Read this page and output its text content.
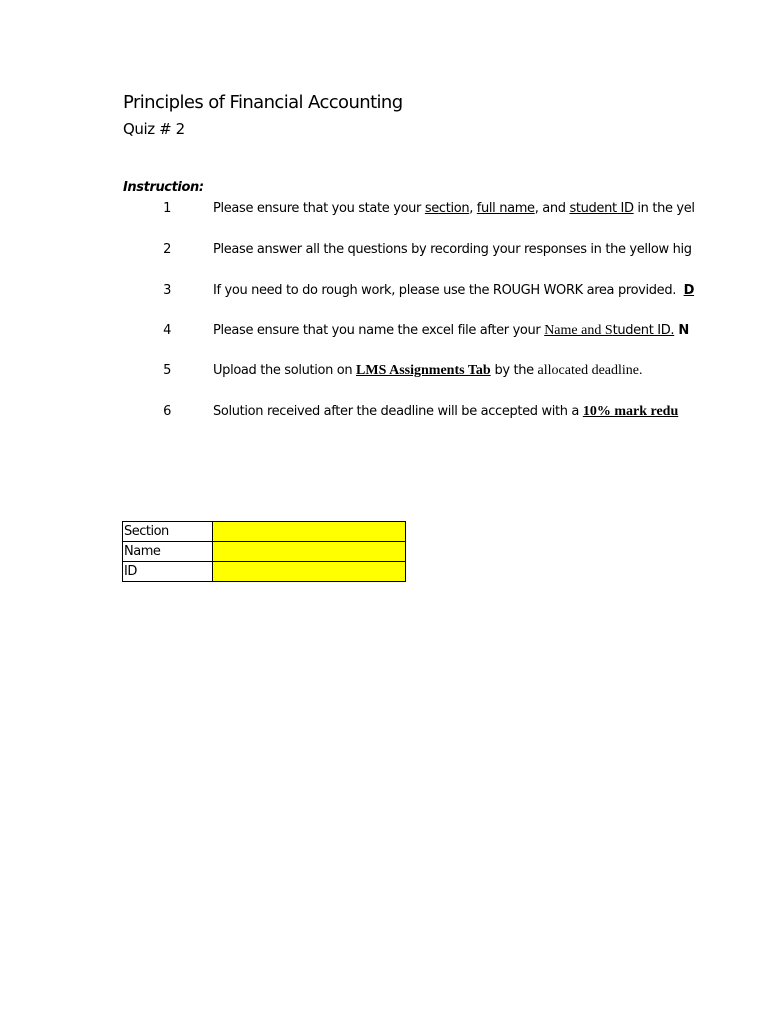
Principles of Financial Accounting
Quiz # 2
Instruction:
1	Please ensure that you state your section, full name, and student ID in the yel
2	Please answer all the questions by recording your responses in the yellow hig
3	If you need to do rough work, please use the ROUGH WORK area provided.  D
4	Please ensure that you name the excel file after your Name and Student ID. N
5	Upload the solution on LMS Assignments Tab by the allocated deadline.
6	Solution received after the deadline will be accepted with a 10% mark redu
Section	
Name	
ID	
